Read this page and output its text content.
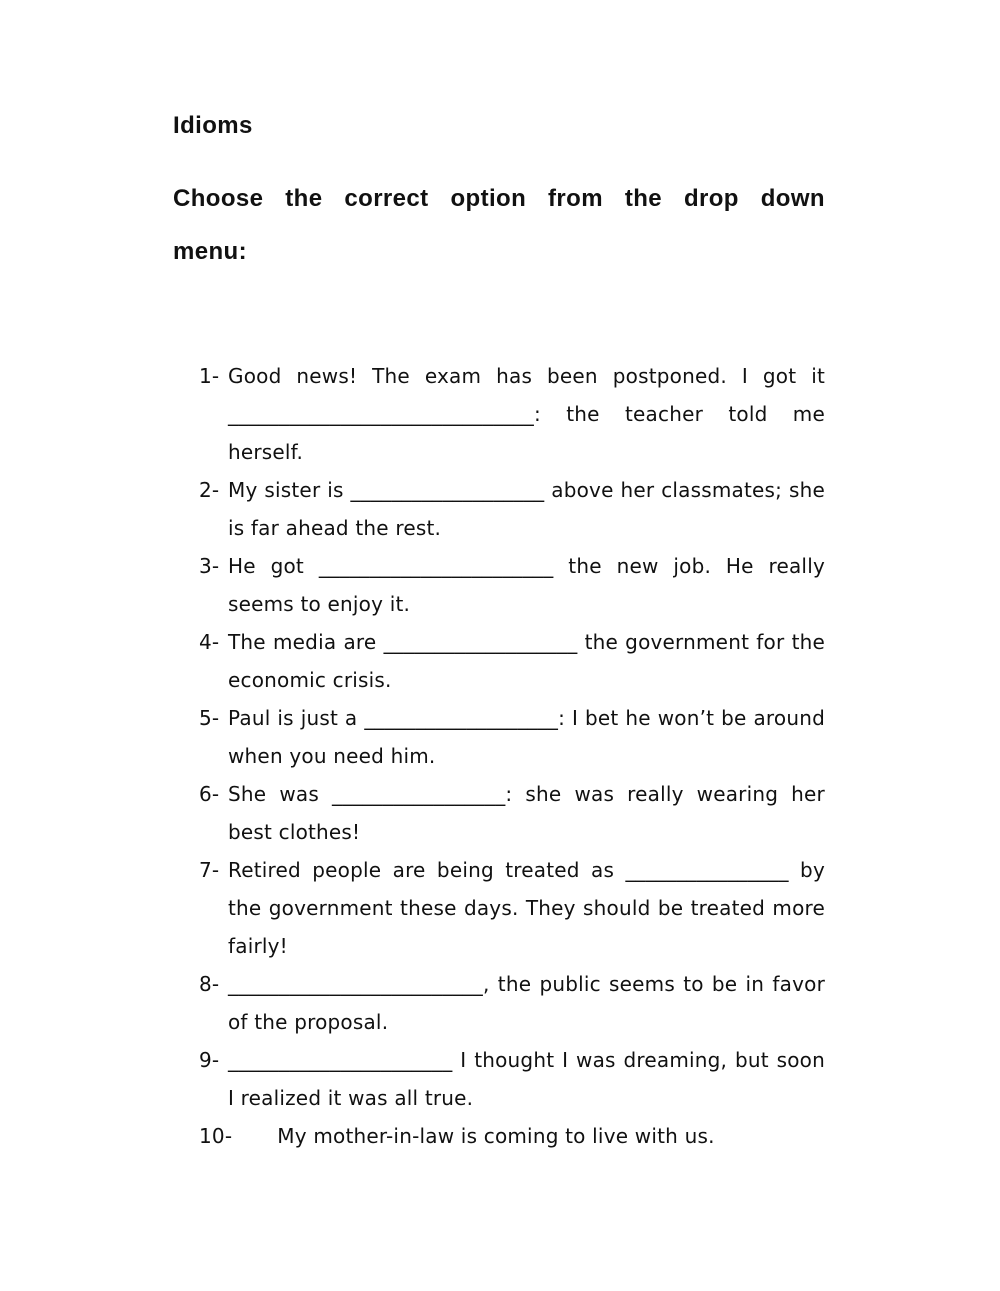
Idioms

Choose the correct option from the drop down menu:

1- Good news! The exam has been postponed. I got it ______________________________: the teacher told me herself.
2- My sister is ___________________ above her classmates; she is far ahead the rest.
3- He got _______________________ the new job. He really seems to enjoy it.
4- The media are ___________________ the government for the economic crisis.
5- Paul is just a ___________________: I bet he won’t be around when you need him.
6- She was _________________: she was really wearing her best clothes!
7- Retired people are being treated as ________________ by the government these days. They should be treated more fairly!
8- _________________________, the public seems to be in favor of the proposal.
9- ______________________ I thought I was dreaming, but soon I realized it was all true.
10- My mother-in-law is coming to live with us.
